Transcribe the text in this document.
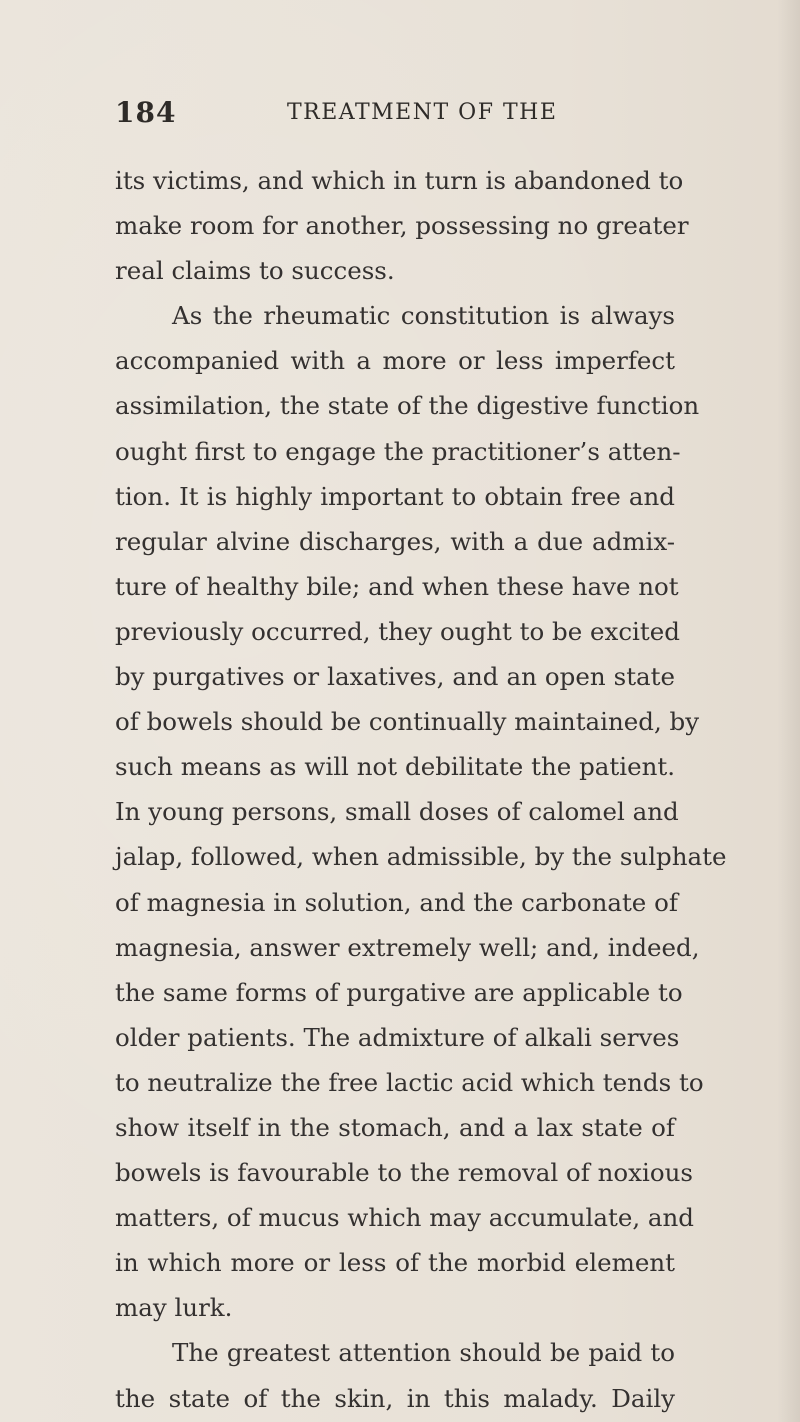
184	TREATMENT OF THE
its victims, and which in turn is abandoned to
make room for another, possessing no greater
real claims to success.
As the rheumatic constitution is always
accompanied with a more or less imperfect
assimilation, the state of the digestive function
ought first to engage the practitioner’s atten-
tion. It is highly important to obtain free and
regular alvine discharges, with a due admix-
ture of healthy bile; and when these have not
previously occurred, they ought to be excited
by purgatives or laxatives, and an open state
of bowels should be continually maintained, by
such means as will not debilitate the patient.
In young persons, small doses of calomel and
jalap, followed, when admissible, by the sulphate
of magnesia in solution, and the carbonate of
magnesia, answer extremely well; and, indeed,
the same forms of purgative are applicable to
older patients. The admixture of alkali serves
to neutralize the free lactic acid which tends to
show itself in the stomach, and a lax state of
bowels is favourable to the removal of noxious
matters, of mucus which may accumulate, and
in which more or less of the morbid element
may lurk.
The greatest attention should be paid to
the state of the skin, in this malady. Daily
